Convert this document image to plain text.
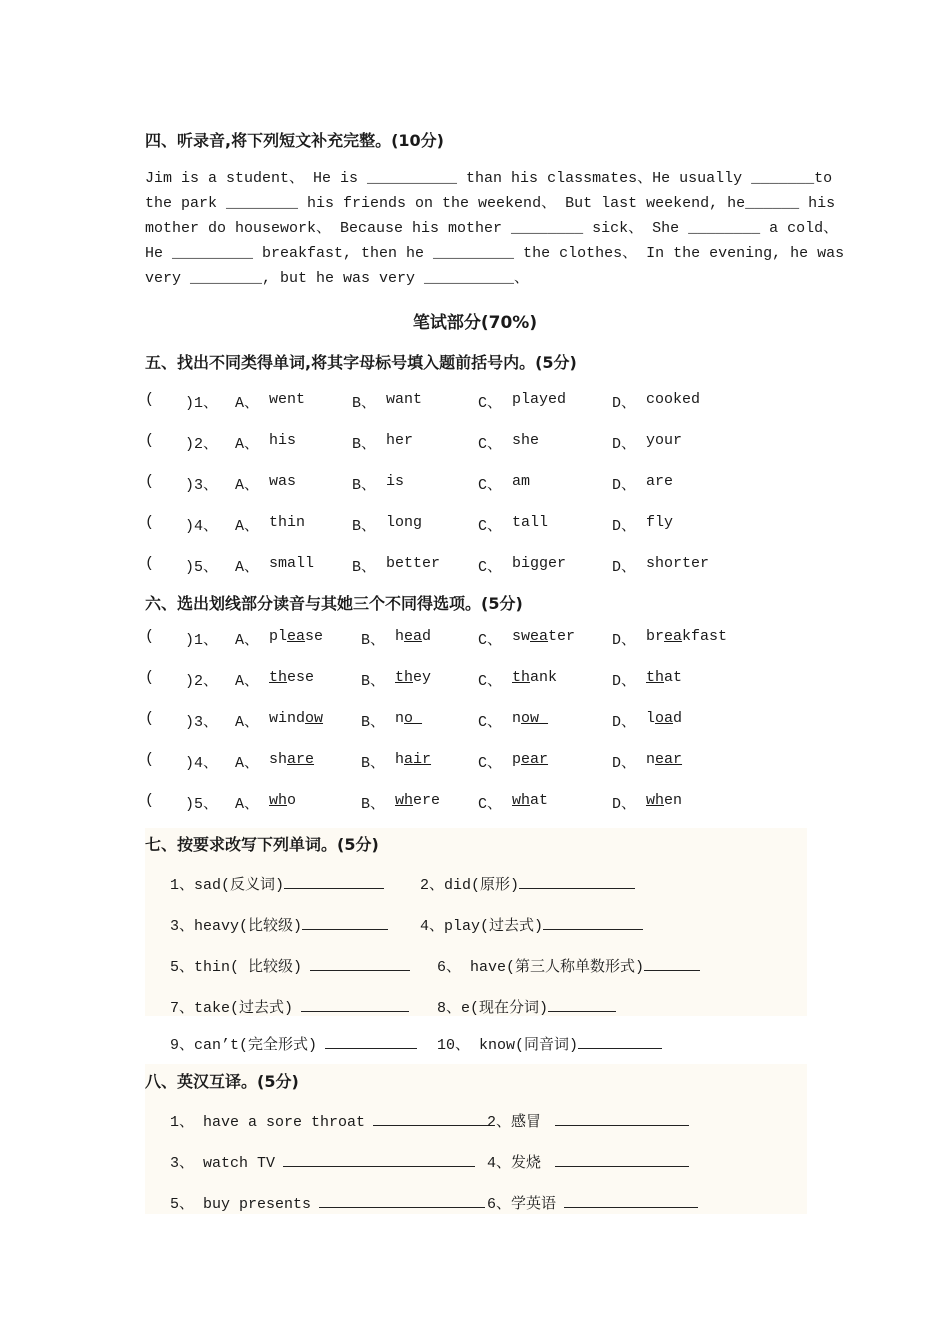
四、听录音,将下列短文补充完整。(10分)
Jim is a student、 He is __________ than his classmates、He usually _______to
the park ________ his friends on the weekend、 But last weekend, he______ his
mother do housework、 Because his mother ________ sick、 She ________ a cold、
He _________ breakfast, then he _________ the clothes、 In the evening, he was
very ________, but he was very __________、
笔试部分(70%)
五、找出不同类得单词,将其字母标号填入题前括号内。(5分)
( )1、 A、 went	B、 want	C、 played	D、 cooked
( )2、 A、 his	B、 her	C、 she	D、 your
( )3、 A、 was	B、 is	C、 am	D、 are
( )4、 A、 thin	B、 long	C、 tall	D、 fly
( )5、 A、 small	B、 better	C、 bigger	D、 shorter
六、选出划线部分读音与其她三个不同得选项。(5分)
( )1、 A、 please	B、 head	C、 sweater D、 breakfast
( )2、 A、 these	B、 they	C、 thank	D、 that
( )3、 A、 window	B、 no	C、 now	D、 load
( )4、 A、 share	B、 hair	C、 pear	D、 near
( )5、 A、 who	B、 where	C、 what	D、 when
七、按要求改写下列单词。(5分)
1、sad(反义词)	2、did(原形)
3、heavy(比较级)	4、play(过去式)
5、thin( 比较级)	6、 have(第三人称单数形式)
7、take(过去式)	8、e(现在分词)
9、can’t(完全形式)	10、 know(同音词)
八、英汉互译。(5分)
1、 have a sore throat	2、感冒
3、 watch TV	4、发烧
5、 buy presents	6、学英语
